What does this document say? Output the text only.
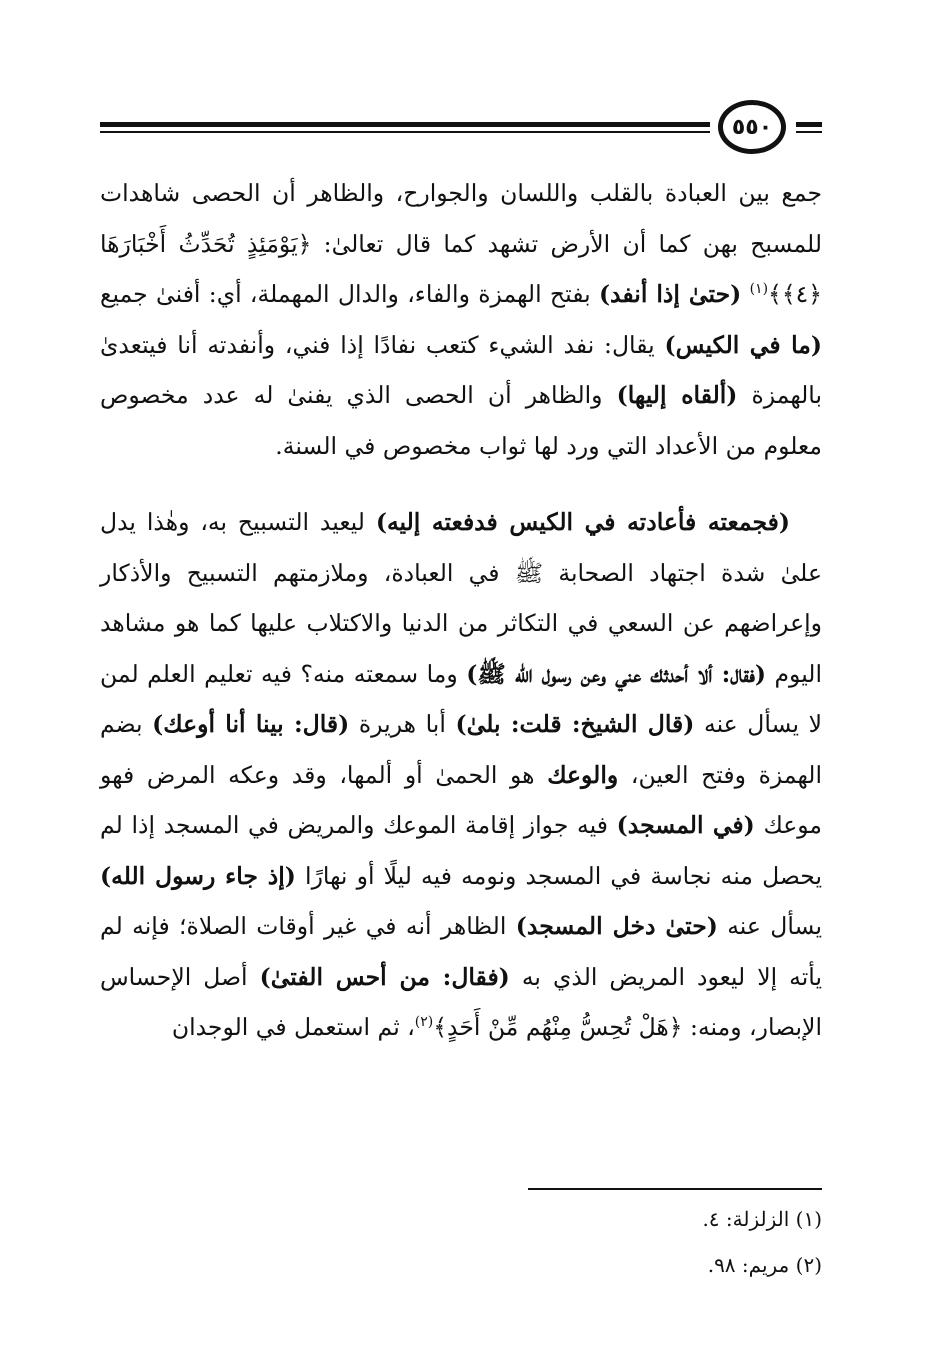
٥٥٠

جمع بين العبادة بالقلب واللسان والجوارح، والظاهر أن الحصى شاهدات للمسبح بهن كما أن الأرض تشهد كما قال تعالىٰ: ﴿يَوْمَئِذٍ تُحَدِّثُ أَخْبَارَهَا ﴿٤﴾﴾$^{(١)}$ (حتىٰ إذا أنفد) بفتح الهمزة والفاء، والدال المهملة، أي: أفنىٰ جميع (ما في الكيس) يقال: نفد الشيء كتعب نفادًا إذا فني، وأنفدته أنا فيتعدىٰ بالهمزة (ألقاه إليها) والظاهر أن الحصى الذي يفنىٰ له عدد مخصوص معلوم من الأعداد التي ورد لها ثواب مخصوص في السنة.

(فجمعته فأعادته في الكيس فدفعته إليه) ليعيد التسبيح به، وهٰذا يدل علىٰ شدة اجتهاد الصحابة ﷺ في العبادة، وملازمتهم التسبيح والأذكار وإعراضهم عن السعي في التكاثر من الدنيا والاكتلاب عليها كما هو مشاهد اليوم (فقال: ألا أحدثك عني وعن رسول الله ﷺ) وما سمعته منه؟ فيه تعليم العلم لمن لا يسأل عنه (قال الشيخ: قلت: بلىٰ) أبا هريرة (قال: بينا أنا أوعك) بضم الهمزة وفتح العين، والوعك هو الحمىٰ أو ألمها، وقد وعكه المرض فهو موعك (في المسجد) فيه جواز إقامة الموعك والمريض في المسجد إذا لم يحصل منه نجاسة في المسجد ونومه فيه ليلًا أو نهارًا (إذ جاء رسول الله) يسأل عنه (حتىٰ دخل المسجد) الظاهر أنه في غير أوقات الصلاة؛ فإنه لم يأته إلا ليعود المريض الذي به (فقال: من أحس الفتىٰ) أصل الإحساس الإبصار، ومنه: ﴿هَلْ تُحِسُّ مِنْهُم مِّنْ أَحَدٍ﴾$^{(٢)}$، ثم استعمل في الوجدان

(١) الزلزلة: ٤.

(٢) مريم: ٩٨.
